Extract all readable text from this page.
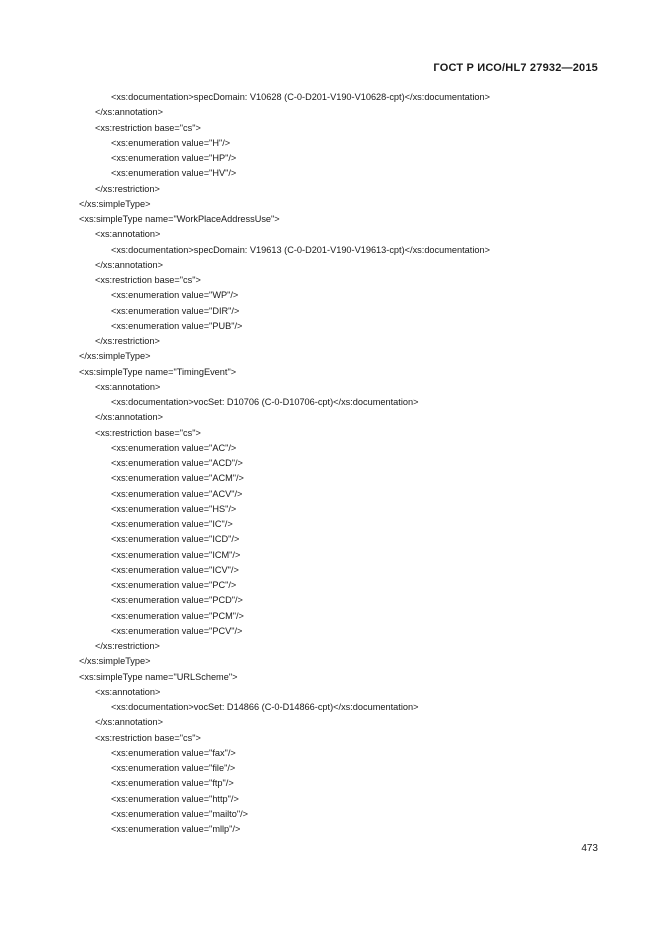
ГОСТ Р ИСО/HL7 27932—2015
<xs:documentation>specDomain: V10628 (C-0-D201-V190-V10628-cpt)</xs:documentation>
</xs:annotation>
<xs:restriction base="cs">
<xs:enumeration value="H"/>
<xs:enumeration value="HP"/>
<xs:enumeration value="HV"/>
</xs:restriction>
</xs:simpleType>
<xs:simpleType name="WorkPlaceAddressUse">
<xs:annotation>
<xs:documentation>specDomain: V19613 (C-0-D201-V190-V19613-cpt)</xs:documentation>
</xs:annotation>
<xs:restriction base="cs">
<xs:enumeration value="WP"/>
<xs:enumeration value="DIR"/>
<xs:enumeration value="PUB"/>
</xs:restriction>
</xs:simpleType>
<xs:simpleType name="TimingEvent">
<xs:annotation>
<xs:documentation>vocSet: D10706 (C-0-D10706-cpt)</xs:documentation>
</xs:annotation>
<xs:restriction base="cs">
<xs:enumeration value="AC"/>
<xs:enumeration value="ACD"/>
<xs:enumeration value="ACM"/>
<xs:enumeration value="ACV"/>
<xs:enumeration value="HS"/>
<xs:enumeration value="IC"/>
<xs:enumeration value="ICD"/>
<xs:enumeration value="ICM"/>
<xs:enumeration value="ICV"/>
<xs:enumeration value="PC"/>
<xs:enumeration value="PCD"/>
<xs:enumeration value="PCM"/>
<xs:enumeration value="PCV"/>
</xs:restriction>
</xs:simpleType>
<xs:simpleType name="URLScheme">
<xs:annotation>
<xs:documentation>vocSet: D14866 (C-0-D14866-cpt)</xs:documentation>
</xs:annotation>
<xs:restriction base="cs">
<xs:enumeration value="fax"/>
<xs:enumeration value="file"/>
<xs:enumeration value="ftp"/>
<xs:enumeration value="http"/>
<xs:enumeration value="mailto"/>
<xs:enumeration value="mllp"/>
473
